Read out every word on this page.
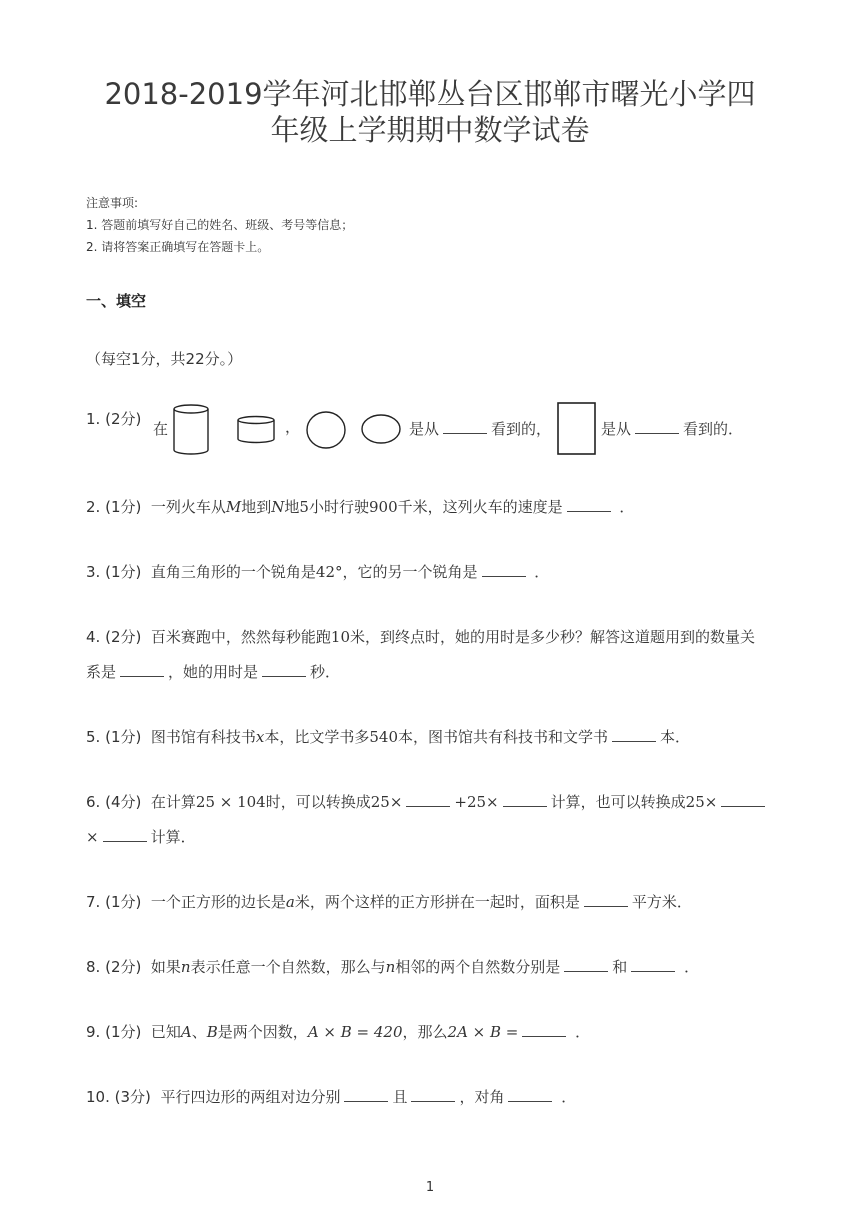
2018-2019学年河北邯郸丛台区邯郸市曙光小学四
年级上学期期中数学试卷
注意事项:
1. 答题前填写好自己的姓名、班级、考号等信息；
2. 请将答案正确填写在答题卡上。
一、填空
（每空1分，共22分。）
1. (2分)
在	，	是从	看到的，	是从	看到的．
2. (1分) 一列火车从M地到N地5小时行驶900千米，这列火车的速度是	．
3. (1分) 直角三角形的一个锐角是42°，它的另一个锐角是	．
4. (2分) 百米赛跑中，然然每秒能跑10米，到终点时，她的用时是多少秒？解答这道题用到的数量关
系是	，她的用时是	秒．
5. (1分) 图书馆有科技书x本，比文学书多540本，图书馆共有科技书和文学书	本．
6. (4分) 在计算25 × 104时，可以转换成25×	+25×	计算，也可以转换成25×
×	计算．
7. (1分) 一个正方形的边长是a米，两个这样的正方形拼在一起时，面积是	平方米．
8. (2分) 如果n表示任意一个自然数，那么与n相邻的两个自然数分别是	和	．
9. (1分) 已知A、B是两个因数，A × B = 420，那么2A × B =	．
10. (3分) 平行四边形的两组对边分别	且	，对角	．
1
